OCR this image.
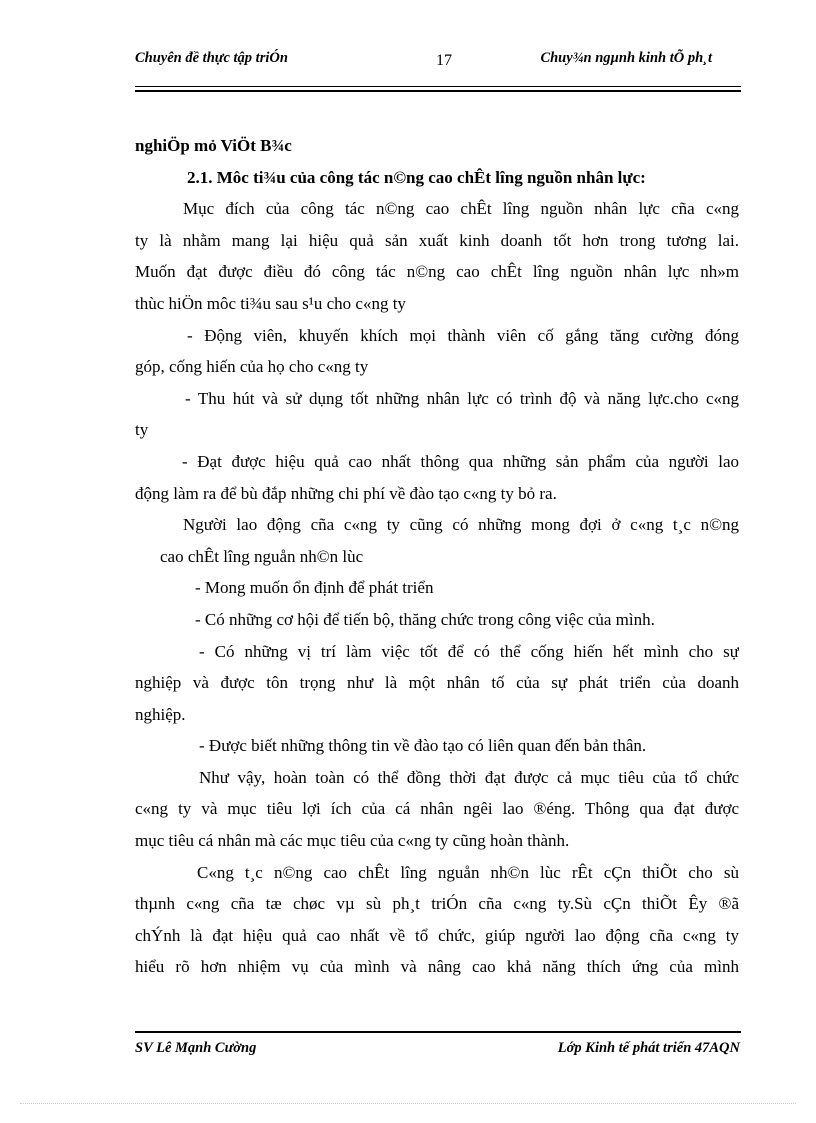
Chuyên đề thực tập triÓn	17	Chuy¾n ngµnh kinh tÕ ph¸t
nghiÖp mỏ ViÖt B¾c
2.1. Môc ti¾u của công tác n©ng cao chÊt lîng nguồn nhân lực:
Mục đích của công tác n©ng cao chÊt lîng nguồn nhân lực cña c«ng
ty là nhằm mang lại hiệu quả sản xuất kinh doanh tốt hơn trong tương lai.
Muốn đạt được điều đó công tác n©ng cao chÊt lîng nguồn nhân lực nh»m
thùc hiÖn môc ti¾u sau s¹u cho c«ng ty
- Động viên, khuyến khích mọi thành viên cố gắng tăng cường đóng
góp, cống hiến của họ cho c«ng ty
- Thu hút và sử dụng tốt những nhân lực có trình độ và năng lực.cho c«ng
ty
- Đạt được hiệu quả cao nhất thông qua những sản phẩm của người lao
động làm ra để bù đắp những chi phí về đào tạo c«ng ty bỏ ra.
Người lao động cña c«ng ty cũng có những mong đợi ở c«ng t¸c n©ng
cao chÊt lîng nguån nh©n lùc
- Mong muốn ổn định để phát triển
- Có những cơ hội để tiến bộ, thăng chức trong công việc của mình.
- Có những vị trí làm việc tốt để có thể cống hiến hết mình cho sự
nghiệp và được tôn trọng như là một nhân tố của sự phát triển của doanh
nghiệp.
- Được biết những thông tin về đào tạo có liên quan đến bản thân.
Như vậy, hoàn toàn có thể đồng thời đạt được cả mục tiêu của tổ chức
c«ng ty và mục tiêu lợi ích của cá nhân ngêi lao ®éng. Thông qua đạt được
mục tiêu cá nhân mà các mục tiêu của c«ng ty cũng hoàn thành.
C«ng t¸c n©ng cao chÊt lîng nguån nh©n lùc rÊt cÇn thiÕt cho sù
thµnh c«ng cña tæ chøc vµ sù ph¸t triÓn cña c«ng ty.Sù cÇn thiÕt Êy ®ã
chÝnh là đạt hiệu quả cao nhất về tổ chức, giúp người lao động cña c«ng ty
hiểu rõ hơn nhiệm vụ của mình và nâng cao khả năng thích ứng của mình
SV Lê Mạnh Cường	Lớp Kinh tế phát triển 47AQN
